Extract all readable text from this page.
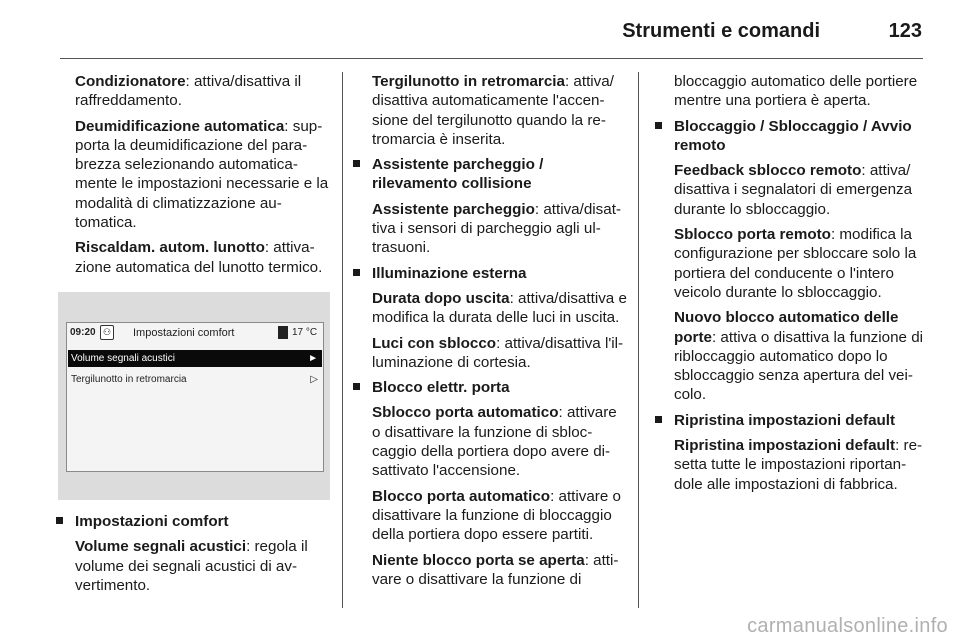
Strumenti e comandi	123

Condizionatore: attiva/disattiva il raffreddamento.

Deumidificazione automatica: supporta la deumidificazione del parabrezza selezionando automaticamente le impostazioni necessarie e la modalità di climatizzazione automatica.

Riscaldam. autom. lunotto: attivazione automatica del lunotto termico.

09:20 ⚇ Impostazioni comfort	17 °C
Volume segnali acustici	►
Tergilunotto in retromarcia	▷
Impostazioni comfort

Volume segnali acustici: regola il volume dei segnali acustici di avvertimento.

Tergilunotto in retromarcia: attiva/ disattiva automaticamente l'accensione del tergilunotto quando la retromarcia è inserita.

Assistente parcheggio / rilevamento collisione

Assistente parcheggio: attiva/disattiva i sensori di parcheggio agli ultrasuoni.

Illuminazione esterna

Durata dopo uscita: attiva/disattiva e modifica la durata delle luci in uscita.

Luci con sblocco: attiva/disattiva l'illuminazione di cortesia.

Blocco elettr. porta

Sblocco porta automatico: attivare o disattivare la funzione di sbloccaggio della portiera dopo avere disattivato l'accensione.

Blocco porta automatico: attivare o disattivare la funzione di bloccaggio della portiera dopo essere partiti.

Niente blocco porta se aperta: attivare o disattivare la funzione di

bloccaggio automatico delle portiere mentre una portiera è aperta.

Bloccaggio / Sbloccaggio / Avvio remoto

Feedback sblocco remoto: attiva/ disattiva i segnalatori di emergenza durante lo sbloccaggio.

Sblocco porta remoto: modifica la configurazione per sbloccare solo la portiera del conducente o l'intero veicolo durante lo sbloccaggio.

Nuovo blocco automatico delle porte: attiva o disattiva la funzione di ribloccaggio automatico dopo lo sbloccaggio senza apertura del veicolo.

Ripristina impostazioni default

Ripristina impostazioni default: resetta tutte le impostazioni riportandole alle impostazioni di fabbrica.

carmanualsonline.info
